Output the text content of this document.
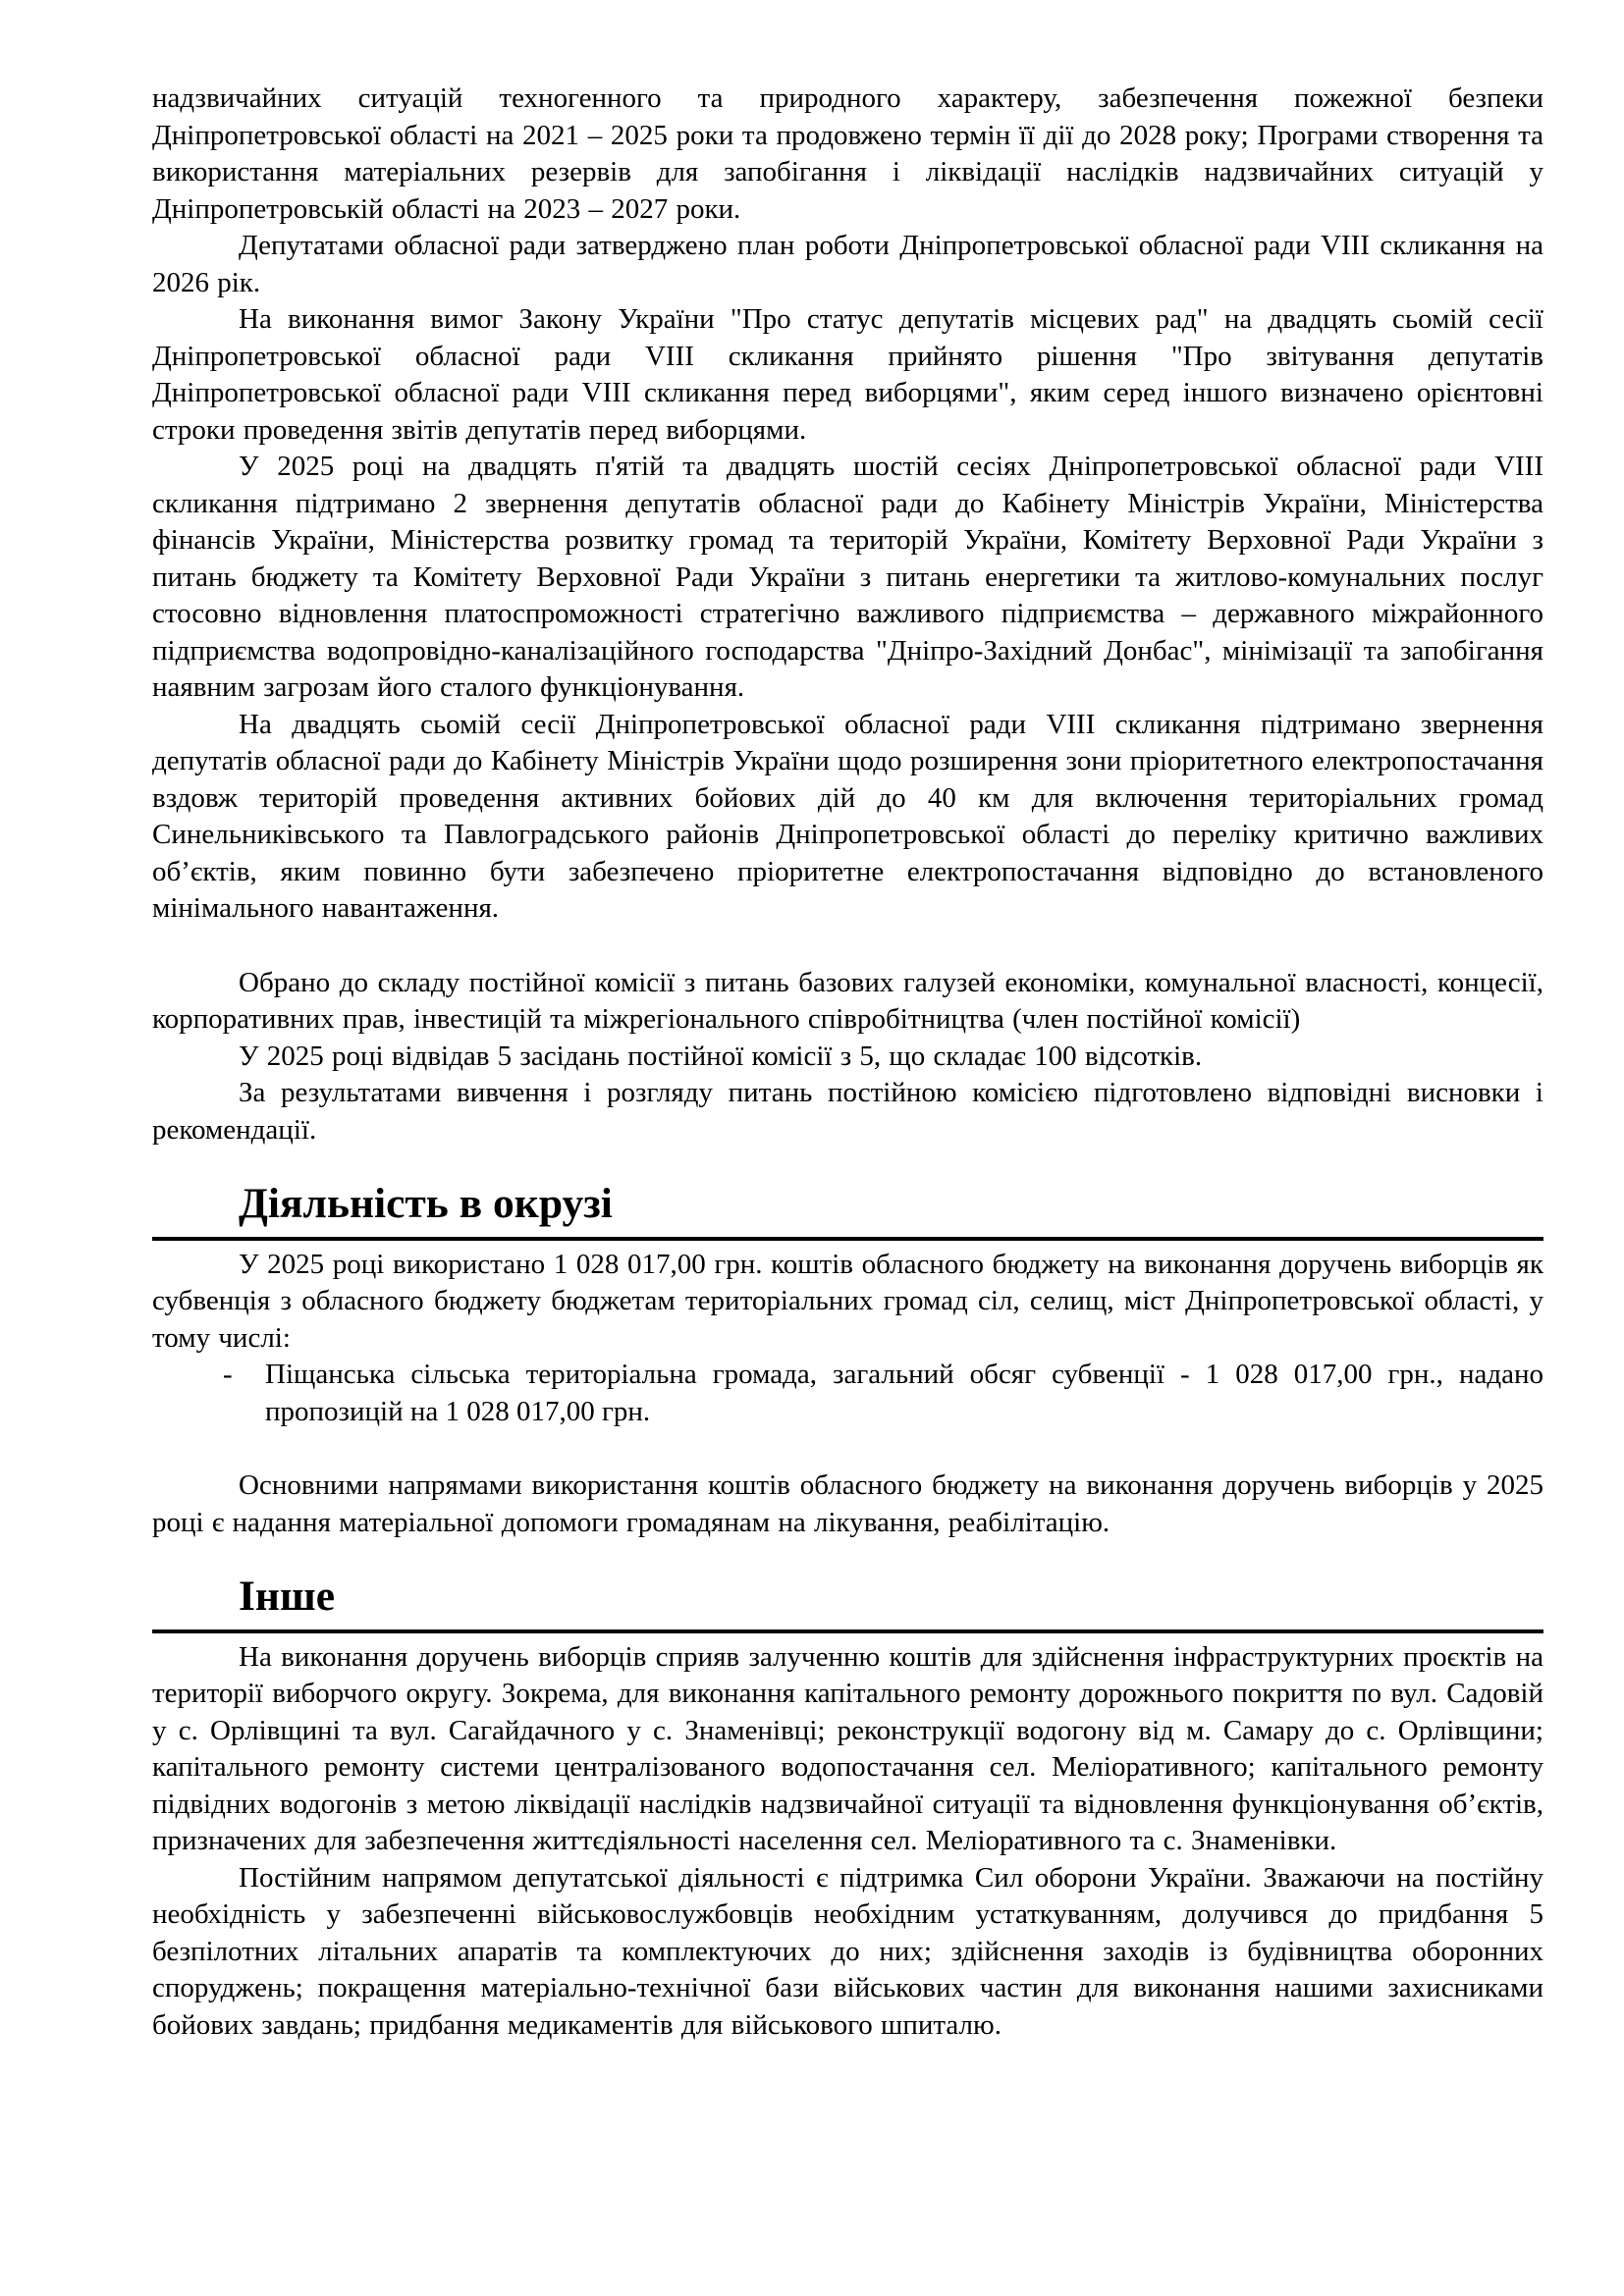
надзвичайних ситуацій техногенного та природного характеру, забезпечення пожежної безпеки Дніпропетровської області на 2021 – 2025 роки та продовжено термін її дії до 2028 року; Програми створення та використання матеріальних резервів для запобігання і ліквідації наслідків надзвичайних ситуацій у Дніпропетровській області на 2023 – 2027 роки.

Депутатами обласної ради затверджено план роботи Дніпропетровської обласної ради VIII скликання на 2026 рік.

На виконання вимог Закону України "Про статус депутатів місцевих рад" на двадцять сьомій сесії Дніпропетровської обласної ради VIII скликання прийнято рішення "Про звітування депутатів Дніпропетровської обласної ради VIII скликання перед виборцями", яким серед іншого визначено орієнтовні строки проведення звітів депутатів перед виборцями.

У 2025 році на двадцять п'ятій та двадцять шостій сесіях Дніпропетровської обласної ради VIII скликання підтримано 2 звернення депутатів обласної ради до Кабінету Міністрів України, Міністерства фінансів України, Міністерства розвитку громад та територій України, Комітету Верховної Ради України з питань бюджету та Комітету Верховної Ради України з питань енергетики та житлово-комунальних послуг стосовно відновлення платоспроможності стратегічно важливого підприємства – державного міжрайонного підприємства водопровідно-каналізаційного господарства "Дніпро-Західний Донбас", мінімізації та запобігання наявним загрозам його сталого функціонування.

На двадцять сьомій сесії Дніпропетровської обласної ради VIII скликання підтримано звернення депутатів обласної ради до Кабінету Міністрів України щодо розширення зони пріоритетного електропостачання вздовж територій проведення активних бойових дій до 40 км для включення територіальних громад Синельниківського та Павлоградського районів Дніпропетровської області до переліку критично важливих об’єктів, яким повинно бути забезпечено пріоритетне електропостачання відповідно до встановленого мінімального навантаження.

Обрано до складу постійної комісії з питань базових галузей економіки, комунальної власності, концесії, корпоративних прав, інвестицій та міжрегіонального співробітництва (член постійної комісії)

У 2025 році відвідав 5 засідань постійної комісії з 5, що складає 100 відсотків.

За результатами вивчення і розгляду питань постійною комісією підготовлено відповідні висновки і рекомендації.

Діяльність в окрузі

У 2025 році використано 1 028 017,00 грн. коштів обласного бюджету на виконання доручень виборців як субвенція з обласного бюджету бюджетам територіальних громад сіл, селищ, міст Дніпропетровської області, у тому числі:

- Піщанська сільська територіальна громада, загальний обсяг субвенції - 1 028 017,00 грн., надано пропозицій на 1 028 017,00 грн.

Основними напрямами використання коштів обласного бюджету на виконання доручень виборців у 2025 році є надання матеріальної допомоги громадянам на лікування, реабілітацію.

Інше

На виконання доручень виборців сприяв залученню коштів для здійснення інфраструктурних проєктів на території виборчого округу. Зокрема, для виконання капітального ремонту дорожнього покриття по вул. Садовій у с. Орлівщині та вул. Сагайдачного у с. Знаменівці; реконструкції водогону від м. Самару до с. Орлівщини; капітального ремонту системи централізованого водопостачання сел. Меліоративного; капітального ремонту підвідних водогонів з метою ліквідації наслідків надзвичайної ситуації та відновлення функціонування об’єктів, призначених для забезпечення життєдіяльності населення сел. Меліоративного та с. Знаменівки.

Постійним напрямом депутатської діяльності є підтримка Сил оборони України. Зважаючи на постійну необхідність у забезпеченні військовослужбовців необхідним устаткуванням, долучився до придбання 5 безпілотних літальних апаратів та комплектуючих до них; здійснення заходів із будівництва оборонних споруджень; покращення матеріально-технічної бази військових частин для виконання нашими захисниками бойових завдань; придбання медикаментів для військового шпиталю.
